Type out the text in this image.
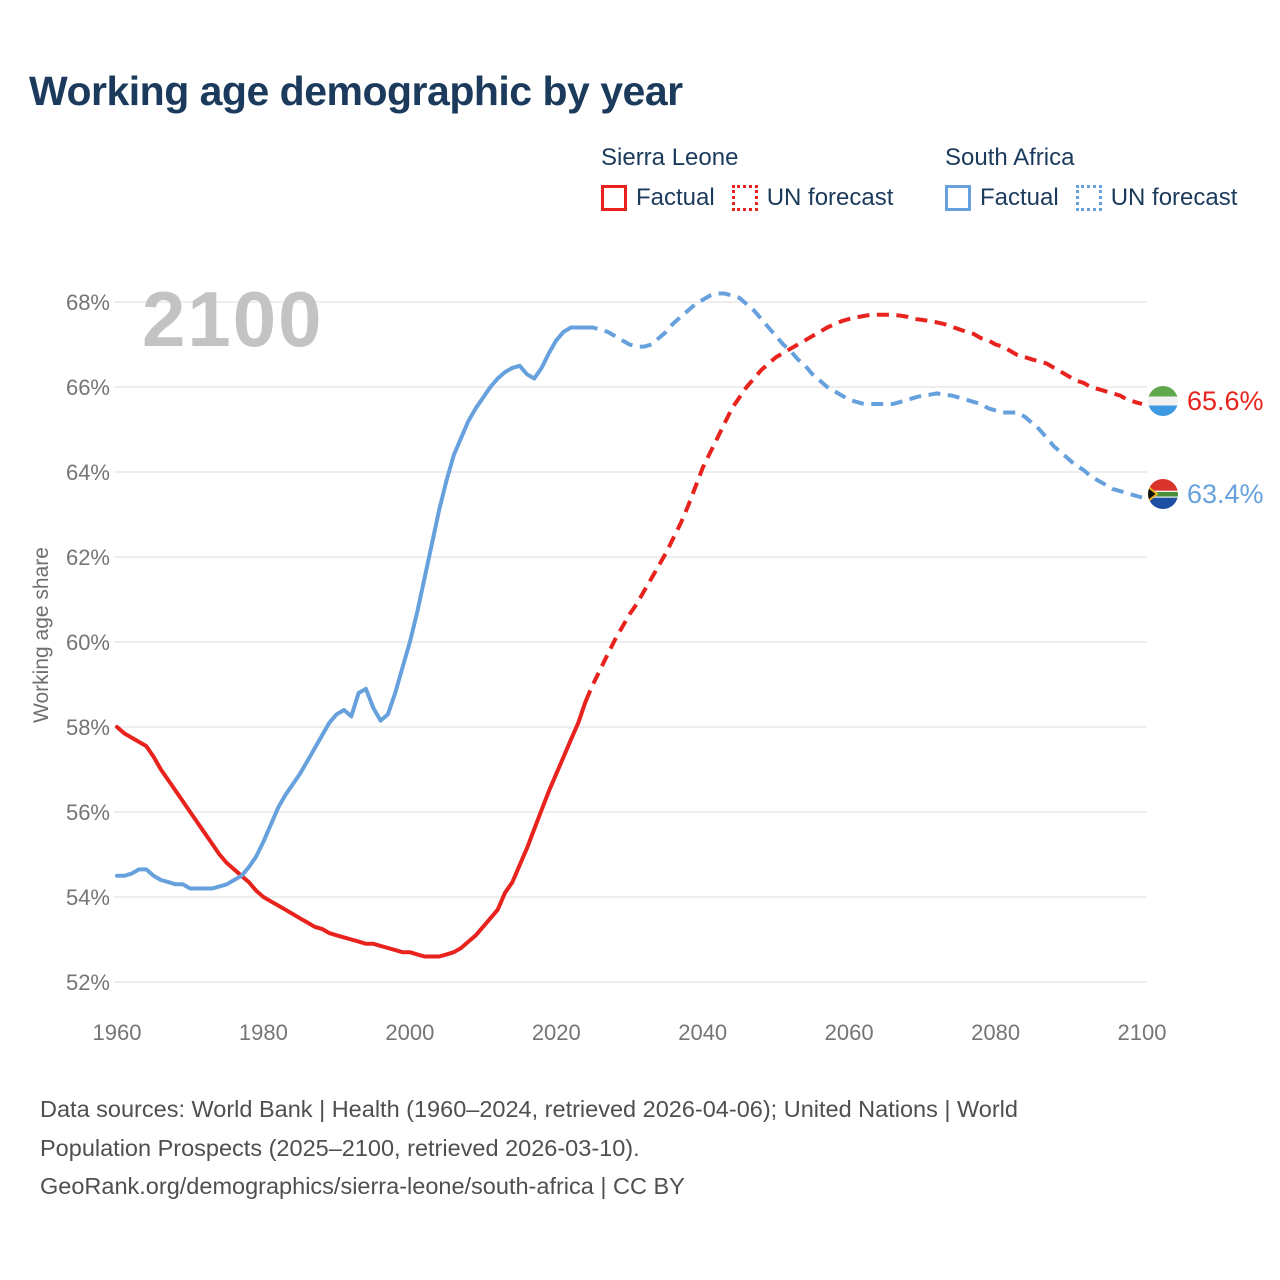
Working age demographic by year
Sierra Leone
Factual UN forecast
South Africa
Factual UN forecast
Working age share
52%
54%
56%
58%
60%
62%
64%
66%
68%
1960	1980	2000	2020	2040	2060	2080	2100
65.6%
63.4%
Data sources: World Bank | Health (1960–2024, retrieved 2026-04-06); United Nations | World
Population Prospects (2025–2100, retrieved 2026-03-10).
GeoRank.org/demographics/sierra-leone/south-africa | CC BY
